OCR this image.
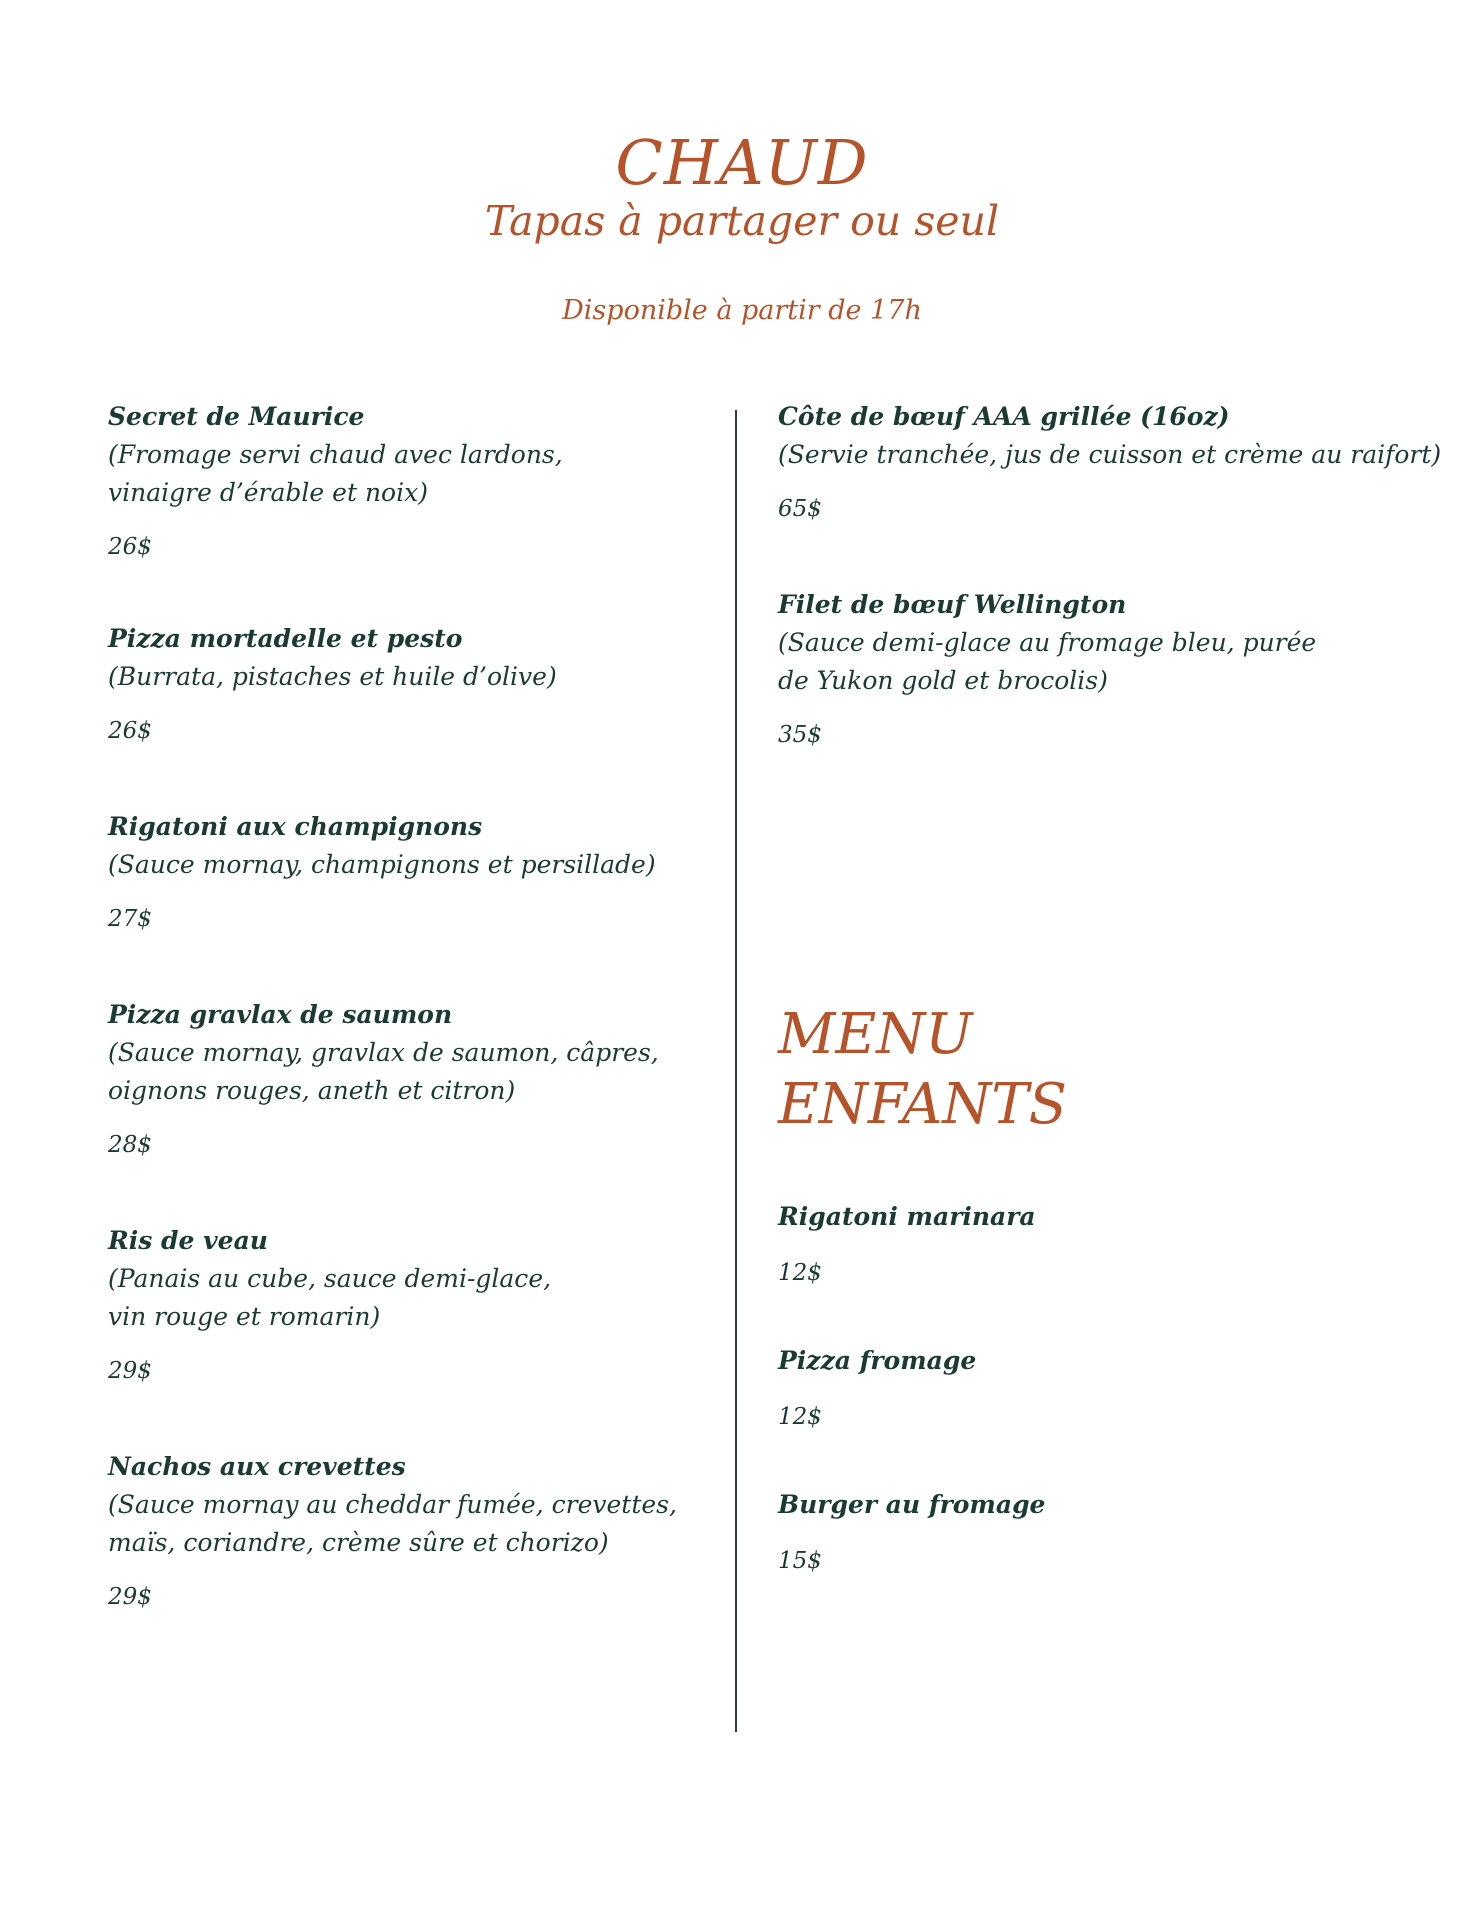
CHAUD
Tapas à partager ou seul
Disponible à partir de 17h
Secret de Maurice
(Fromage servi chaud avec lardons,
vinaigre d’érable et noix)
26$
Pizza mortadelle et pesto
(Burrata, pistaches et huile d’olive)
26$
Rigatoni aux champignons
(Sauce mornay, champignons et persillade)
27$
Pizza gravlax de saumon
(Sauce mornay, gravlax de saumon, câpres,
oignons rouges, aneth et citron)
28$
Ris de veau
(Panais au cube, sauce demi-glace,
vin rouge et romarin)
29$
Nachos aux crevettes
(Sauce mornay au cheddar fumée, crevettes,
maïs, coriandre, crème sûre et chorizo)
29$
Côte de bœuf AAA grillée (16oz)
(Servie tranchée, jus de cuisson et crème au raifort)
65$
Filet de bœuf Wellington
(Sauce demi-glace au fromage bleu, purée
de Yukon gold et brocolis)
35$
MENU
ENFANTS
Rigatoni marinara
12$
Pizza fromage
12$
Burger au fromage
15$
